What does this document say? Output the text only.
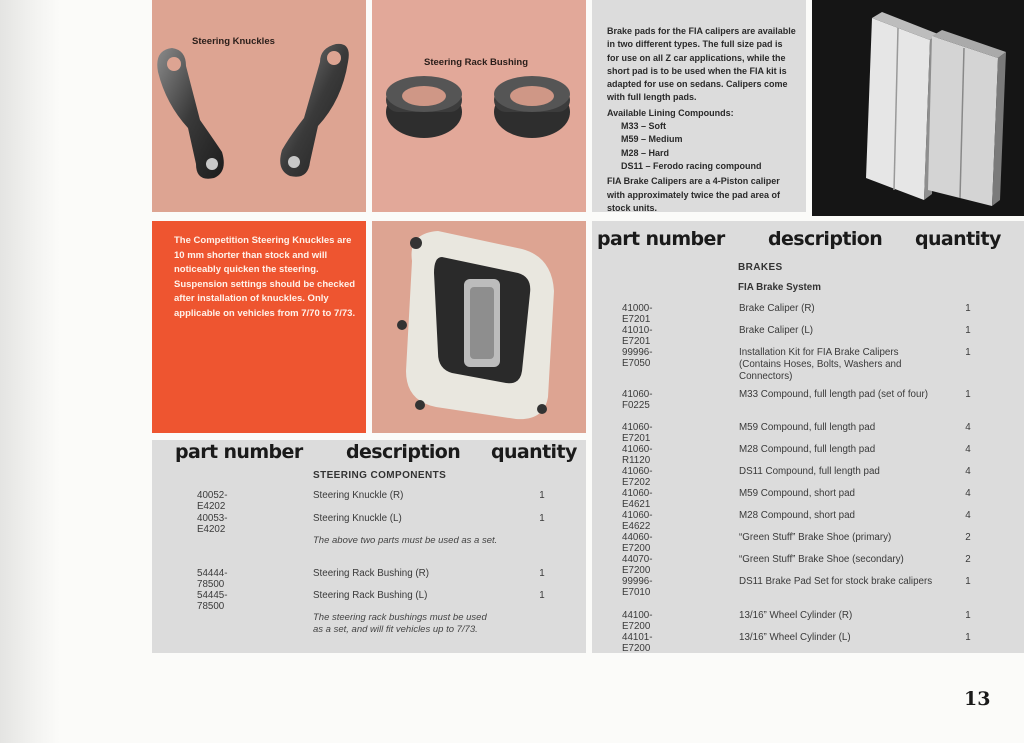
Steering Knuckles
Steering Rack Bushing

Brake pads for the FIA calipers are available in two different types. The full size pad is for use on all Z car applications, while the short pad is to be used when the FIA kit is adapted for use on sedans. Calipers come with full length pads.

Available Lining Compounds:

M33 – Soft
M59 – Medium
M28 – Hard
DS11 – Ferodo racing compound

FIA Brake Calipers are a 4-Piston caliper with approximately twice the pad area of stock units.

The Competition Steering Knuckles are 10 mm shorter than stock and will noticeably quicken the steering. Suspension settings should be checked after installation of knuckles. Only applicable on vehicles from 7/70 to 7/73.
part number description quantity
BRAKES
FIA Brake System
41000-E7201
Brake Caliper (R)	1
41010-E7201
Brake Caliper (L)	1
99996-E7050
Installation Kit for FIA Brake Calipers (Contains Hoses, Bolts, Washers and Connectors)
1
41060-F0225
M33 Compound, full length pad (set of four)	1
41060-E7201
M59 Compound, full length pad	4
41060-R1120
M28 Compound, full length pad	4
41060-E7202
DS11 Compound, full length pad	4
41060-E4621
M59 Compound, short pad	4
41060-E4622
M28 Compound, short pad	4
44060-E7200
“Green Stuff” Brake Shoe (primary)	2
44070-E7200
“Green Stuff” Brake Shoe (secondary)	2
99996-E7010
DS11 Brake Pad Set for stock brake calipers	1
44100-E7200
13/16” Wheel Cylinder (R)	1
44101-E7200
13/16” Wheel Cylinder (L)	1
part number description quantity
STEERING COMPONENTS
40052-E4202
Steering Knuckle (R)	1
40053-E4202
Steering Knuckle (L)	1
The above two parts must be used as a set.
54444-78500
Steering Rack Bushing (R)	1
54445-78500
Steering Rack Bushing (L)	1
The steering rack bushings must be used as a set, and will fit vehicles up to 7/73.
13
